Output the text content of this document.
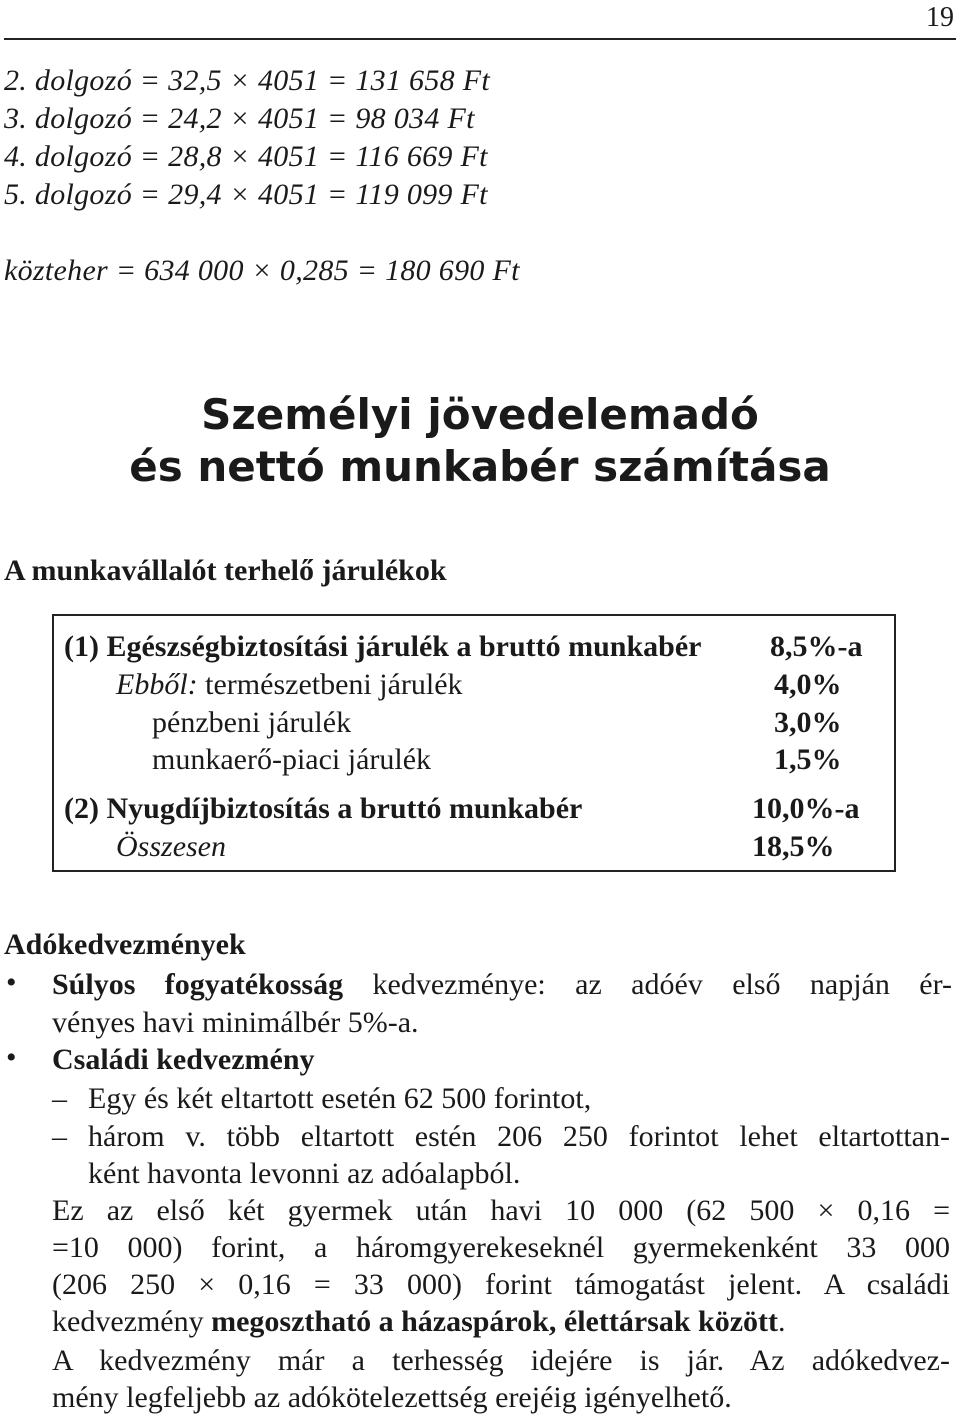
19
2. dolgozó = 32,5 × 4051 = 131 658 Ft
3. dolgozó = 24,2 × 4051 = 98 034 Ft
4. dolgozó = 28,8 × 4051 = 116 669 Ft
5. dolgozó = 29,4 × 4051 = 119 099 Ft
közteher = 634 000 × 0,285 = 180 690 Ft
Személyi jövedelemadó
és nettó munkabér számítása
A munkavállalót terhelő járulékok
(1) Egészségbiztosítási járulék a bruttó munkabér 8,5%-a
Ebből: természetbeni járulék	4,0%
pénzbeni járulék	3,0%
munkaerő-piaci járulék	1,5%
(2) Nyugdíjbiztosítás a bruttó munkabér	10,0%-a
Összesen	18,5%
Adókedvezmények
• Súlyos fogyatékosság kedvezménye: az adóév első napján ér-
vényes havi minimálbér 5%-a.
• Családi kedvezmény
– Egy és két eltartott esetén 62 500 forintot,
– három v. több eltartott estén 206 250 forintot lehet eltartottan-
ként havonta levonni az adóalapból.
Ez az első két gyermek után havi 10 000 (62 500 × 0,16 =
=10 000) forint, a háromgyerekeseknél gyermekenként 33 000
(206 250 × 0,16 = 33 000) forint támogatást jelent. A családi
kedvezmény megosztható a házaspárok, élettársak között.
A kedvezmény már a terhesség idejére is jár. Az adókedvez-
mény legfeljebb az adókötelezettség erejéig igényelhető.
